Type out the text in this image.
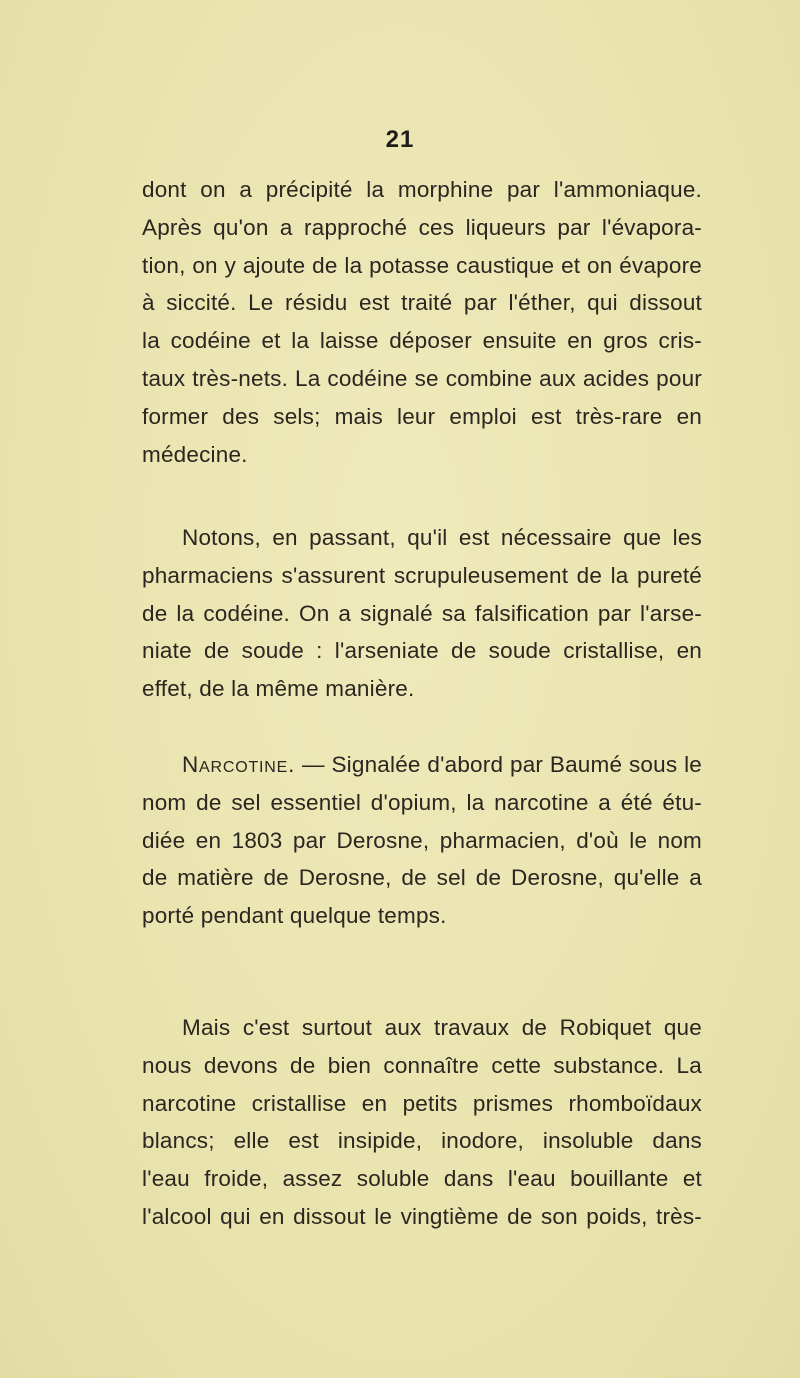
21
dont on a précipité la morphine par l'ammoniaque.
Après qu'on a rapproché ces liqueurs par l'évapora-
tion, on y ajoute de la potasse caustique et on évapore
à siccité. Le résidu est traité par l'éther, qui dissout
la codéine et la laisse déposer ensuite en gros cris-
taux très-nets. La codéine se combine aux acides pour
former des sels; mais leur emploi est très-rare en
médecine.
Notons, en passant, qu'il est nécessaire que les
pharmaciens s'assurent scrupuleusement de la pureté
de la codéine. On a signalé sa falsification par l'arse-
niate de soude : l'arseniate de soude cristallise, en
effet, de la même manière.
Narcotine. — Signalée d'abord par Baumé sous le
nom de sel essentiel d'opium, la narcotine a été étu-
diée en 1803 par Derosne, pharmacien, d'où le nom
de matière de Derosne, de sel de Derosne, qu'elle a
porté pendant quelque temps.
Mais c'est surtout aux travaux de Robiquet que
nous devons de bien connaître cette substance. La
narcotine cristallise en petits prismes rhomboïdaux
blancs; elle est insipide, inodore, insoluble dans
l'eau froide, assez soluble dans l'eau bouillante et
l'alcool qui en dissout le vingtième de son poids, très-
